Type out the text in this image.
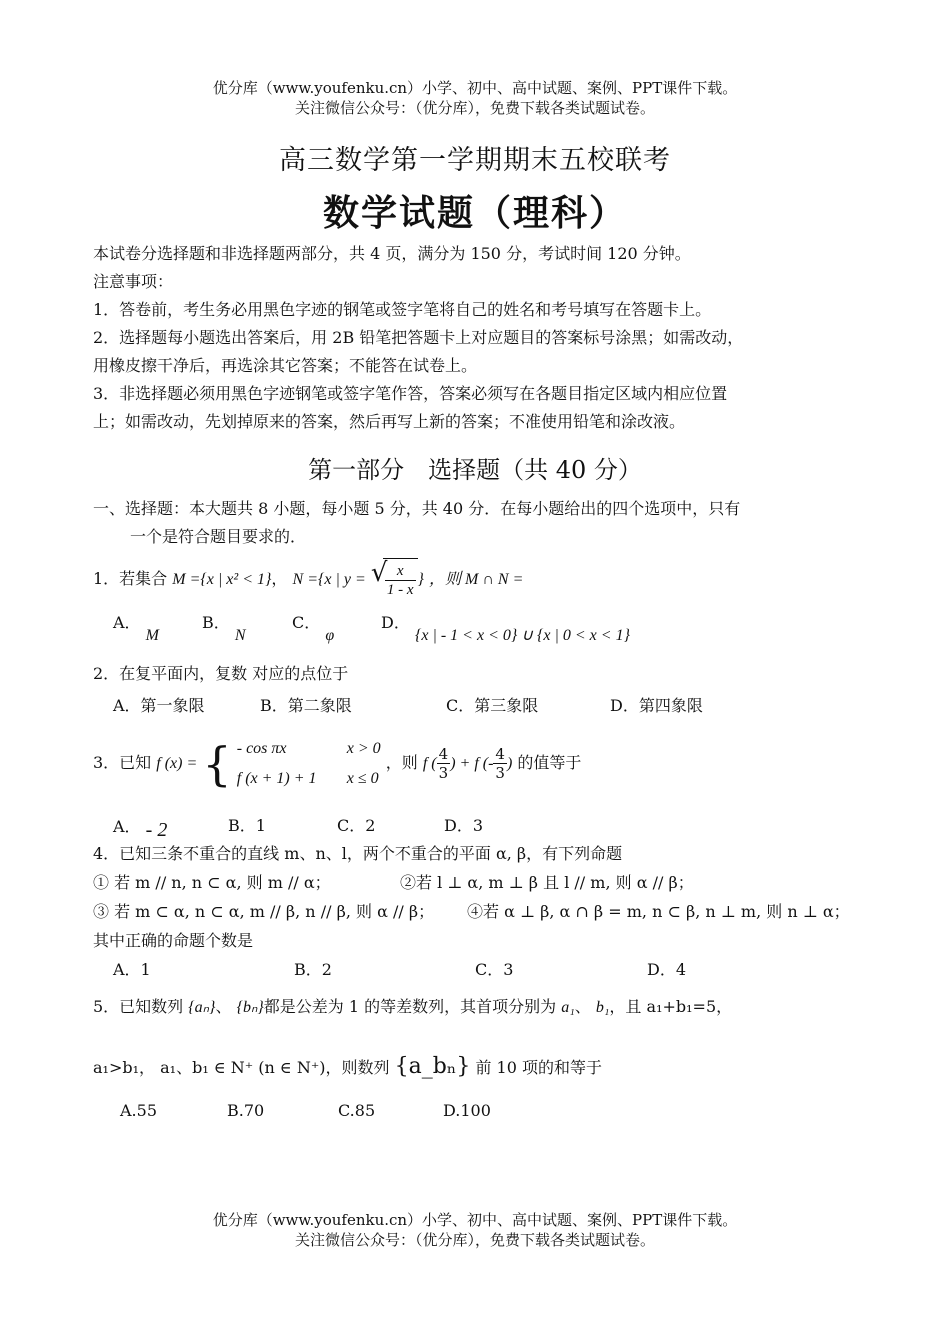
优分库（www.youfenku.cn）小学、初中、高中试题、案例、PPT课件下载。
关注微信公众号：（优分库），免费下载各类试题试卷。
高三数学第一学期期末五校联考
数学试题（理科）
本试卷分选择题和非选择题两部分，共 4 页，满分为 150 分，考试时间 120 分钟。
注意事项：
1．答卷前，考生务必用黑色字迹的钢笔或签字笔将自己的姓名和考号填写在答题卡上。
2．选择题每小题选出答案后，用 2B 铅笔把答题卡上对应题目的答案标号涂黑；如需改动，
用橡皮擦干净后，再选涂其它答案；不能答在试卷上。
3．非选择题必须用黑色字迹钢笔或签字笔作答，答案必须写在各题目指定区域内相应位置
上；如需改动，先划掉原来的答案，然后再写上新的答案；不准使用铅笔和涂改液。
第一部分　选择题（共 40 分）
一、选择题：本大题共 8 小题，每小题 5 分，共 40 分．在每小题给出的四个选项中，只有
一个是符合题目要求的．
1．若集合 M ={x | x² < 1}， N ={x | y = √
$\frac{x}{1 - x}$ } ，则 M ∩ N =
A． M
B． N
C． φ
D． {x | - 1 < x < 0} ∪ {x | 0 < x < 1}
2．在复平面内，复数 对应的点位于
A．第一象限	B．第二象限	C．第三象限	D．第四象限
3．已知 f (x) = { - cos πx	x > 0
f (x + 1) + 1 x ≤ 0
，则 f ( $\frac{4}{3}$ ) + f (- $\frac{4}{3}$ ) 的值等于
A． - 2	B．1	C．2	D．3
4．已知三条不重合的直线 m、n、l，两个不重合的平面 α, β，有下列命题
① 若 m // n, n ⊂ α, 则 m // α；	②若 l ⊥ α, m ⊥ β 且 l // m, 则 α // β；
③ 若 m ⊂ α, n ⊂ α, m // β, n // β, 则 α // β； ④若 α ⊥ β, α ∩ β = m, n ⊂ β, n ⊥ m, 则 n ⊥ α；
其中正确的命题个数是
A．1	B．2	C．3	D．4
5．已知数列 {aₙ}、 {bₙ}都是公差为 1 的等差数列，其首项分别为 a₁、 b₁，且 a₁+b₁=5，
a₁>b₁， a₁、b₁ ∈ N⁺ (n ∈ N⁺)，则数列 {a_bₙ} 前 10 项的和等于
A.55	B.70	C.85	D.100
优分库（www.youfenku.cn）小学、初中、高中试题、案例、PPT课件下载。
关注微信公众号：（优分库），免费下载各类试题试卷。
